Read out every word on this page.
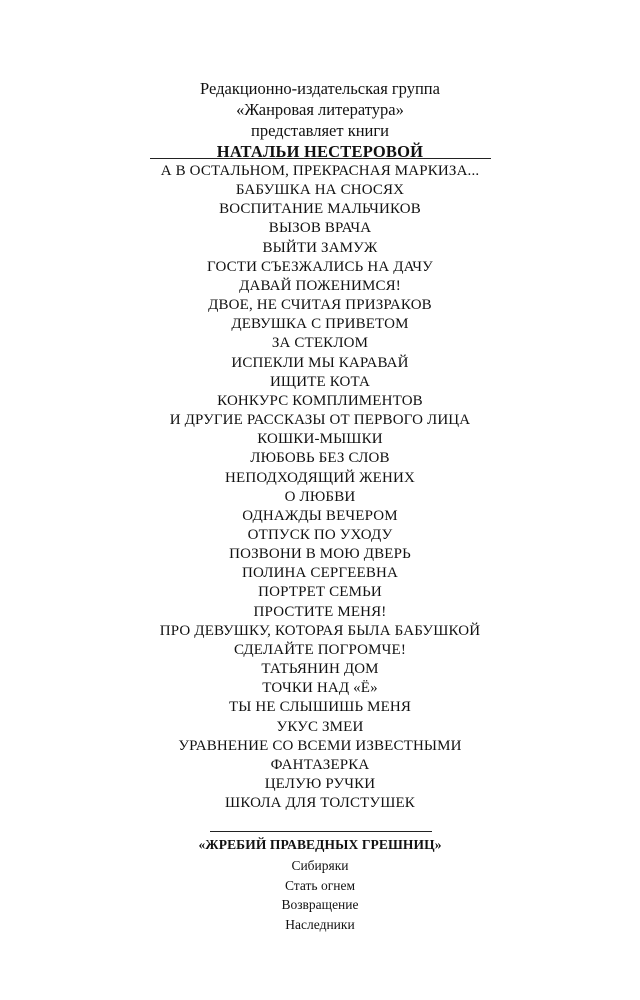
Редакционно-издательская группа
«Жанровая литература»
представляет книги
НАТАЛЬИ НЕСТЕРОВОЙ
А В ОСТАЛЬНОМ, ПРЕКРАСНАЯ МАРКИЗА...
БАБУШКА НА СНОСЯХ
ВОСПИТАНИЕ МАЛЬЧИКОВ
ВЫЗОВ ВРАЧА
ВЫЙТИ ЗАМУЖ
ГОСТИ СЪЕЗЖАЛИСЬ НА ДАЧУ
ДАВАЙ ПОЖЕНИМСЯ!
ДВОЕ, НЕ СЧИТАЯ ПРИЗРАКОВ
ДЕВУШКА С ПРИВЕТОМ
ЗА СТЕКЛОМ
ИСПЕКЛИ МЫ КАРАВАЙ
ИЩИТЕ КОТА
КОНКУРС КОМПЛИМЕНТОВ
И ДРУГИЕ РАССКАЗЫ ОТ ПЕРВОГО ЛИЦА
КОШКИ-МЫШКИ
ЛЮБОВЬ БЕЗ СЛОВ
НЕПОДХОДЯЩИЙ ЖЕНИХ
О ЛЮБВИ
ОДНАЖДЫ ВЕЧЕРОМ
ОТПУСК ПО УХОДУ
ПОЗВОНИ В МОЮ ДВЕРЬ
ПОЛИНА СЕРГЕЕВНА
ПОРТРЕТ СЕМЬИ
ПРОСТИТЕ МЕНЯ!
ПРО ДЕВУШКУ, КОТОРАЯ БЫЛА БАБУШКОЙ
СДЕЛАЙТЕ ПОГРОМЧЕ!
ТАТЬЯНИН ДОМ
ТОЧКИ НАД «Ё»
ТЫ НЕ СЛЫШИШЬ МЕНЯ
УКУС ЗМЕИ
УРАВНЕНИЕ СО ВСЕМИ ИЗВЕСТНЫМИ
ФАНТАЗЕРКА
ЦЕЛУЮ РУЧКИ
ШКОЛА ДЛЯ ТОЛСТУШЕК
«ЖРЕБИЙ ПРАВЕДНЫХ ГРЕШНИЦ»
Сибиряки
Стать огнем
Возвращение
Наследники
